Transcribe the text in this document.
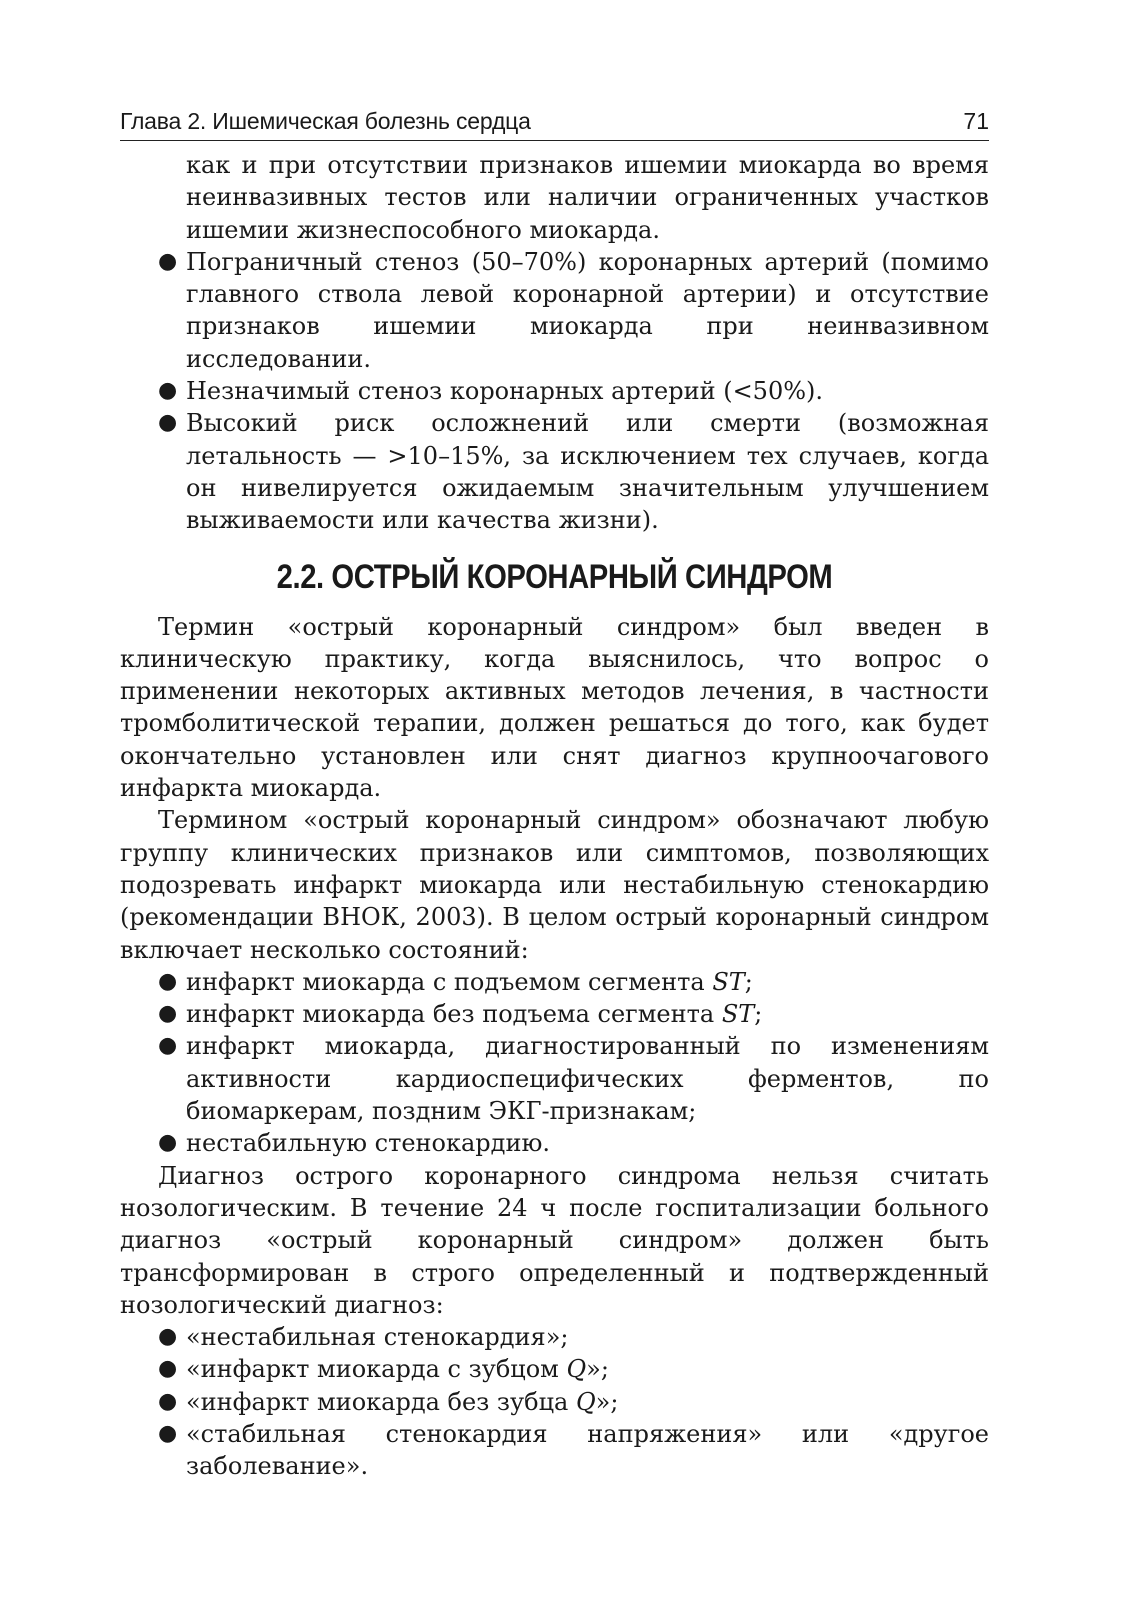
Глава 2. Ишемическая болезнь сердца	71

как и при отсутствии признаков ишемии миокарда во время неинвазивных тестов или наличии ограниченных участков ишемии жизнеспособного миокарда.

● Пограничный стеноз (50–70%) коронарных артерий (помимо главного ствола левой коронарной артерии) и отсутствие признаков ишемии миокарда при неинвазивном исследовании.
● Незначимый стеноз коронарных артерий (<50%).
● Высокий риск осложнений или смерти (возможная летальность — >10–15%, за исключением тех случаев, когда он нивелируется ожидаемым значительным улучшением выживаемости или качества жизни).
2.2. ОСТРЫЙ КОРОНАРНЫЙ СИНДРОМ

Термин «острый коронарный синдром» был введен в клиническую практику, когда выяснилось, что вопрос о применении некоторых активных методов лечения, в частности тромболитической терапии, должен решаться до того, как будет окончательно установлен или снят диагноз крупноочагового инфаркта миокарда.

Термином «острый коронарный синдром» обозначают любую группу клинических признаков или симптомов, позволяющих подозревать инфаркт миокарда или нестабильную стенокардию (рекомендации ВНОК, 2003). В целом острый коронарный синдром включает несколько состояний:

● инфаркт миокарда с подъемом сегмента ST;
● инфаркт миокарда без подъема сегмента ST;
● инфаркт миокарда, диагностированный по изменениям активности кардиоспецифических ферментов, по биомаркерам, поздним ЭКГ-признакам;
● нестабильную стенокардию.

Диагноз острого коронарного синдрома нельзя считать нозологическим. В течение 24 ч после госпитализации больного диагноз «острый коронарный синдром» должен быть трансформирован в строго определенный и подтвержденный нозологический диагноз:

● «нестабильная стенокардия»;
● «инфаркт миокарда с зубцом Q»;
● «инфаркт миокарда без зубца Q»;
● «стабильная стенокардия напряжения» или «другое заболевание».
